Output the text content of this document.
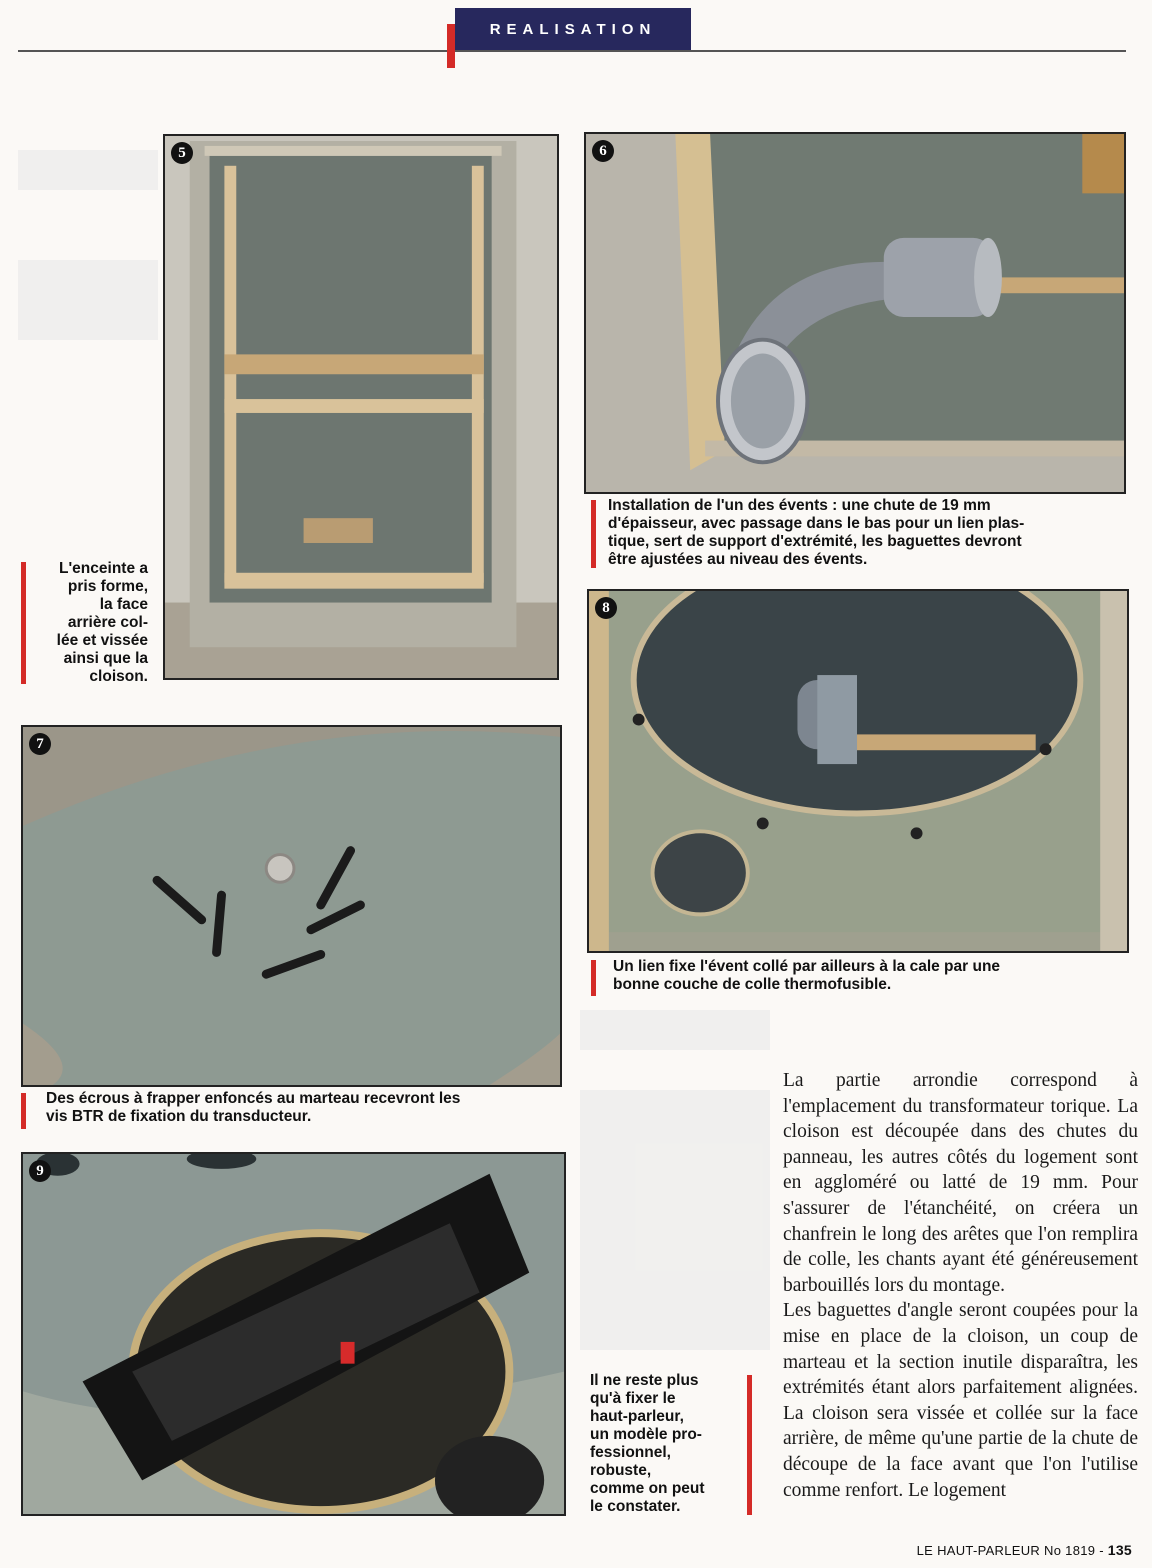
REALISATION
5	6
Installation de l'un des évents : une chute de 19 mm
d'épaisseur, avec passage dans le bas pour un lien plas-
tique, sert de support d'extrémité, les baguettes devront
être ajustées au niveau des évents.
L'enceinte a
pris forme,
la face
arrière col-
lée et vissée
ainsi que la
cloison.
8
Un lien fixe l'évent collé par ailleurs à la cale par une
bonne couche de colle thermofusible.
7
Des écrous à frapper enfoncés au marteau recevront les
vis BTR de fixation du transducteur.
9
Il ne reste plus
qu'à fixer le
haut-parleur,
un modèle pro-
fessionnel,
robuste,
comme on peut
le constater.

La partie arrondie correspond à l'emplacement du transformateur torique. La cloison est découpée dans des chutes du panneau, les autres côtés du logement sont en aggloméré ou latté de 19 mm. Pour s'assurer de l'étanchéité, on créera un chanfrein le long des arêtes que l'on remplira de colle, les chants ayant été généreusement barbouillés lors du montage.

Les baguettes d'angle seront coupées pour la mise en place de la cloison, un coup de marteau et la section inutile disparaîtra, les extrémités étant alors parfaitement alignées. La cloison sera vissée et collée sur la face arrière, de même qu'une partie de la chute de découpe de la face avant que l'on l'utilise comme renfort. Le logement

LE HAUT-PARLEUR No 1819 - 135
